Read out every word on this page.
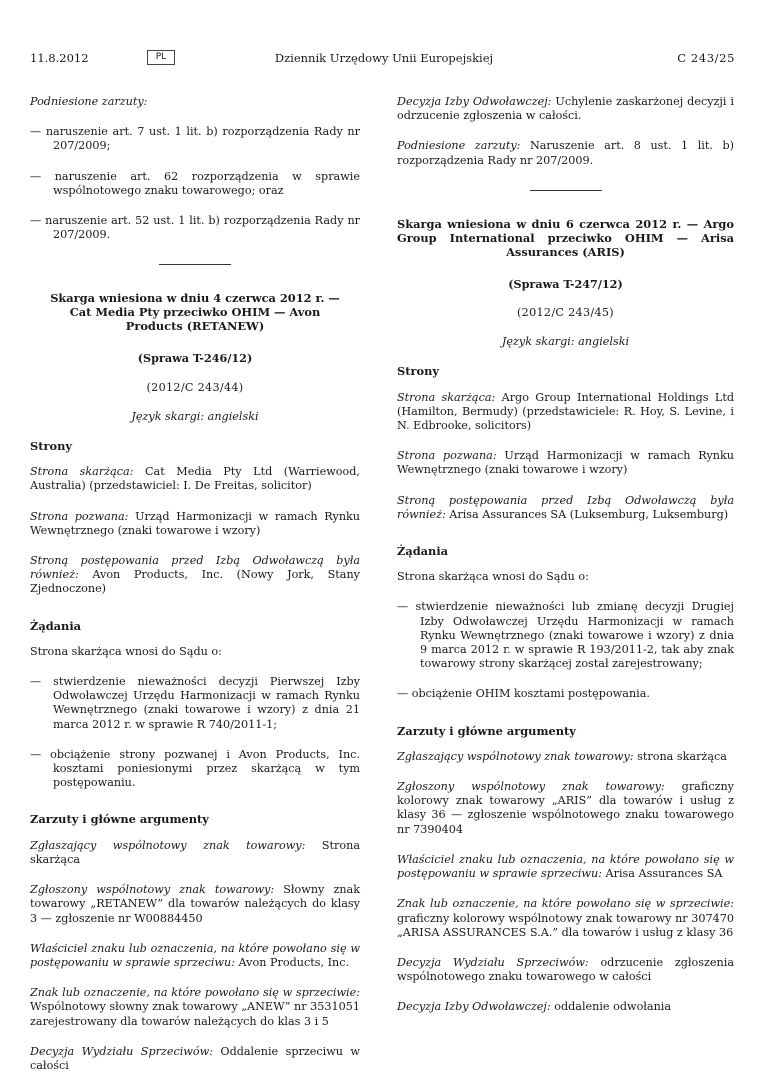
11.8.2012	PL	Dziennik Urzędowy Unii Europejskiej	C 243/25

Podniesione zarzuty:

— naruszenie art. 7 ust. 1 lit. b) rozporządzenia Rady nr 207/2009;

— naruszenie art. 62 rozporządzenia w sprawie wspólnotowego znaku towarowego; oraz

— naruszenie art. 52 ust. 1 lit. b) rozporządzenia Rady nr 207/2009.

Skarga wniesiona w dniu 4 czerwca 2012 r. — Cat Media Pty przeciwko OHIM — Avon Products (RETANEW)

(Sprawa T-246/12)

(2012/C 243/44)

Język skargi: angielski

Strony

Strona skarżąca: Cat Media Pty Ltd (Warriewood, Australia) (przedstawiciel: I. De Freitas, solicitor)

Strona pozwana: Urząd Harmonizacji w ramach Rynku Wewnętrznego (znaki towarowe i wzory)

Stroną postępowania przed Izbą Odwoławczą była również: Avon Products, Inc. (Nowy Jork, Stany Zjednoczone)

Żądania

Strona skarżąca wnosi do Sądu o:

— stwierdzenie nieważności decyzji Pierwszej Izby Odwoławczej Urzędu Harmonizacji w ramach Rynku Wewnętrznego (znaki towarowe i wzory) z dnia 21 marca 2012 r. w sprawie R 740/2011-1;

— obciążenie strony pozwanej i Avon Products, Inc. kosztami poniesionymi przez skarżącą w tym postępowaniu.

Zarzuty i główne argumenty

Zgłaszający wspólnotowy znak towarowy: Strona skarżąca

Zgłoszony wspólnotowy znak towarowy: Słowny znak towarowy „RETANEW” dla towarów należących do klasy 3 — zgłoszenie nr W00884450

Właściciel znaku lub oznaczenia, na które powołano się w postępowaniu w sprawie sprzeciwu: Avon Products, Inc.

Znak lub oznaczenie, na które powołano się w sprzeciwie: Wspólnotowy słowny znak towarowy „ANEW” nr 3531051 zarejestrowany dla towarów należących do klas 3 i 5

Decyzja Wydziału Sprzeciwów: Oddalenie sprzeciwu w całości

Decyzja Izby Odwoławczej: Uchylenie zaskarżonej decyzji i odrzucenie zgłoszenia w całości.

Podniesione zarzuty: Naruszenie art. 8 ust. 1 lit. b) rozporządzenia Rady nr 207/2009.

Skarga wniesiona w dniu 6 czerwca 2012 r. — Argo Group International przeciwko OHIM — Arisa Assurances (ARIS)

(Sprawa T-247/12)

(2012/C 243/45)

Język skargi: angielski

Strony

Strona skarżąca: Argo Group International Holdings Ltd (Hamilton, Bermudy) (przedstawiciele: R. Hoy, S. Levine, i N. Edbrooke, solicitors)

Strona pozwana: Urząd Harmonizacji w ramach Rynku Wewnętrznego (znaki towarowe i wzory)

Stroną postępowania przed Izbą Odwoławczą była również: Arisa Assurances SA (Luksemburg, Luksemburg)

Żądania

Strona skarżąca wnosi do Sądu o:

— stwierdzenie nieważności lub zmianę decyzji Drugiej Izby Odwoławczej Urzędu Harmonizacji w ramach Rynku Wewnętrznego (znaki towarowe i wzory) z dnia 9 marca 2012 r. w sprawie R 193/2011-2, tak aby znak towarowy strony skarżącej został zarejestrowany;

— obciążenie OHIM kosztami postępowania.

Zarzuty i główne argumenty

Zgłaszający wspólnotowy znak towarowy: strona skarżąca

Zgłoszony wspólnotowy znak towarowy: graficzny kolorowy znak towarowy „ARIS” dla towarów i usług z klasy 36 — zgłoszenie wspólnotowego znaku towarowego nr 7390404

Właściciel znaku lub oznaczenia, na które powołano się w postępowaniu w sprawie sprzeciwu: Arisa Assurances SA

Znak lub oznaczenie, na które powołano się w sprzeciwie: graficzny kolorowy wspólnotowy znak towarowy nr 307470 „ARISA ASSURANCES S.A.” dla towarów i usług z klasy 36

Decyzja Wydziału Sprzeciwów: odrzucenie zgłoszenia wspólnotowego znaku towarowego w całości

Decyzja Izby Odwoławczej: oddalenie odwołania
